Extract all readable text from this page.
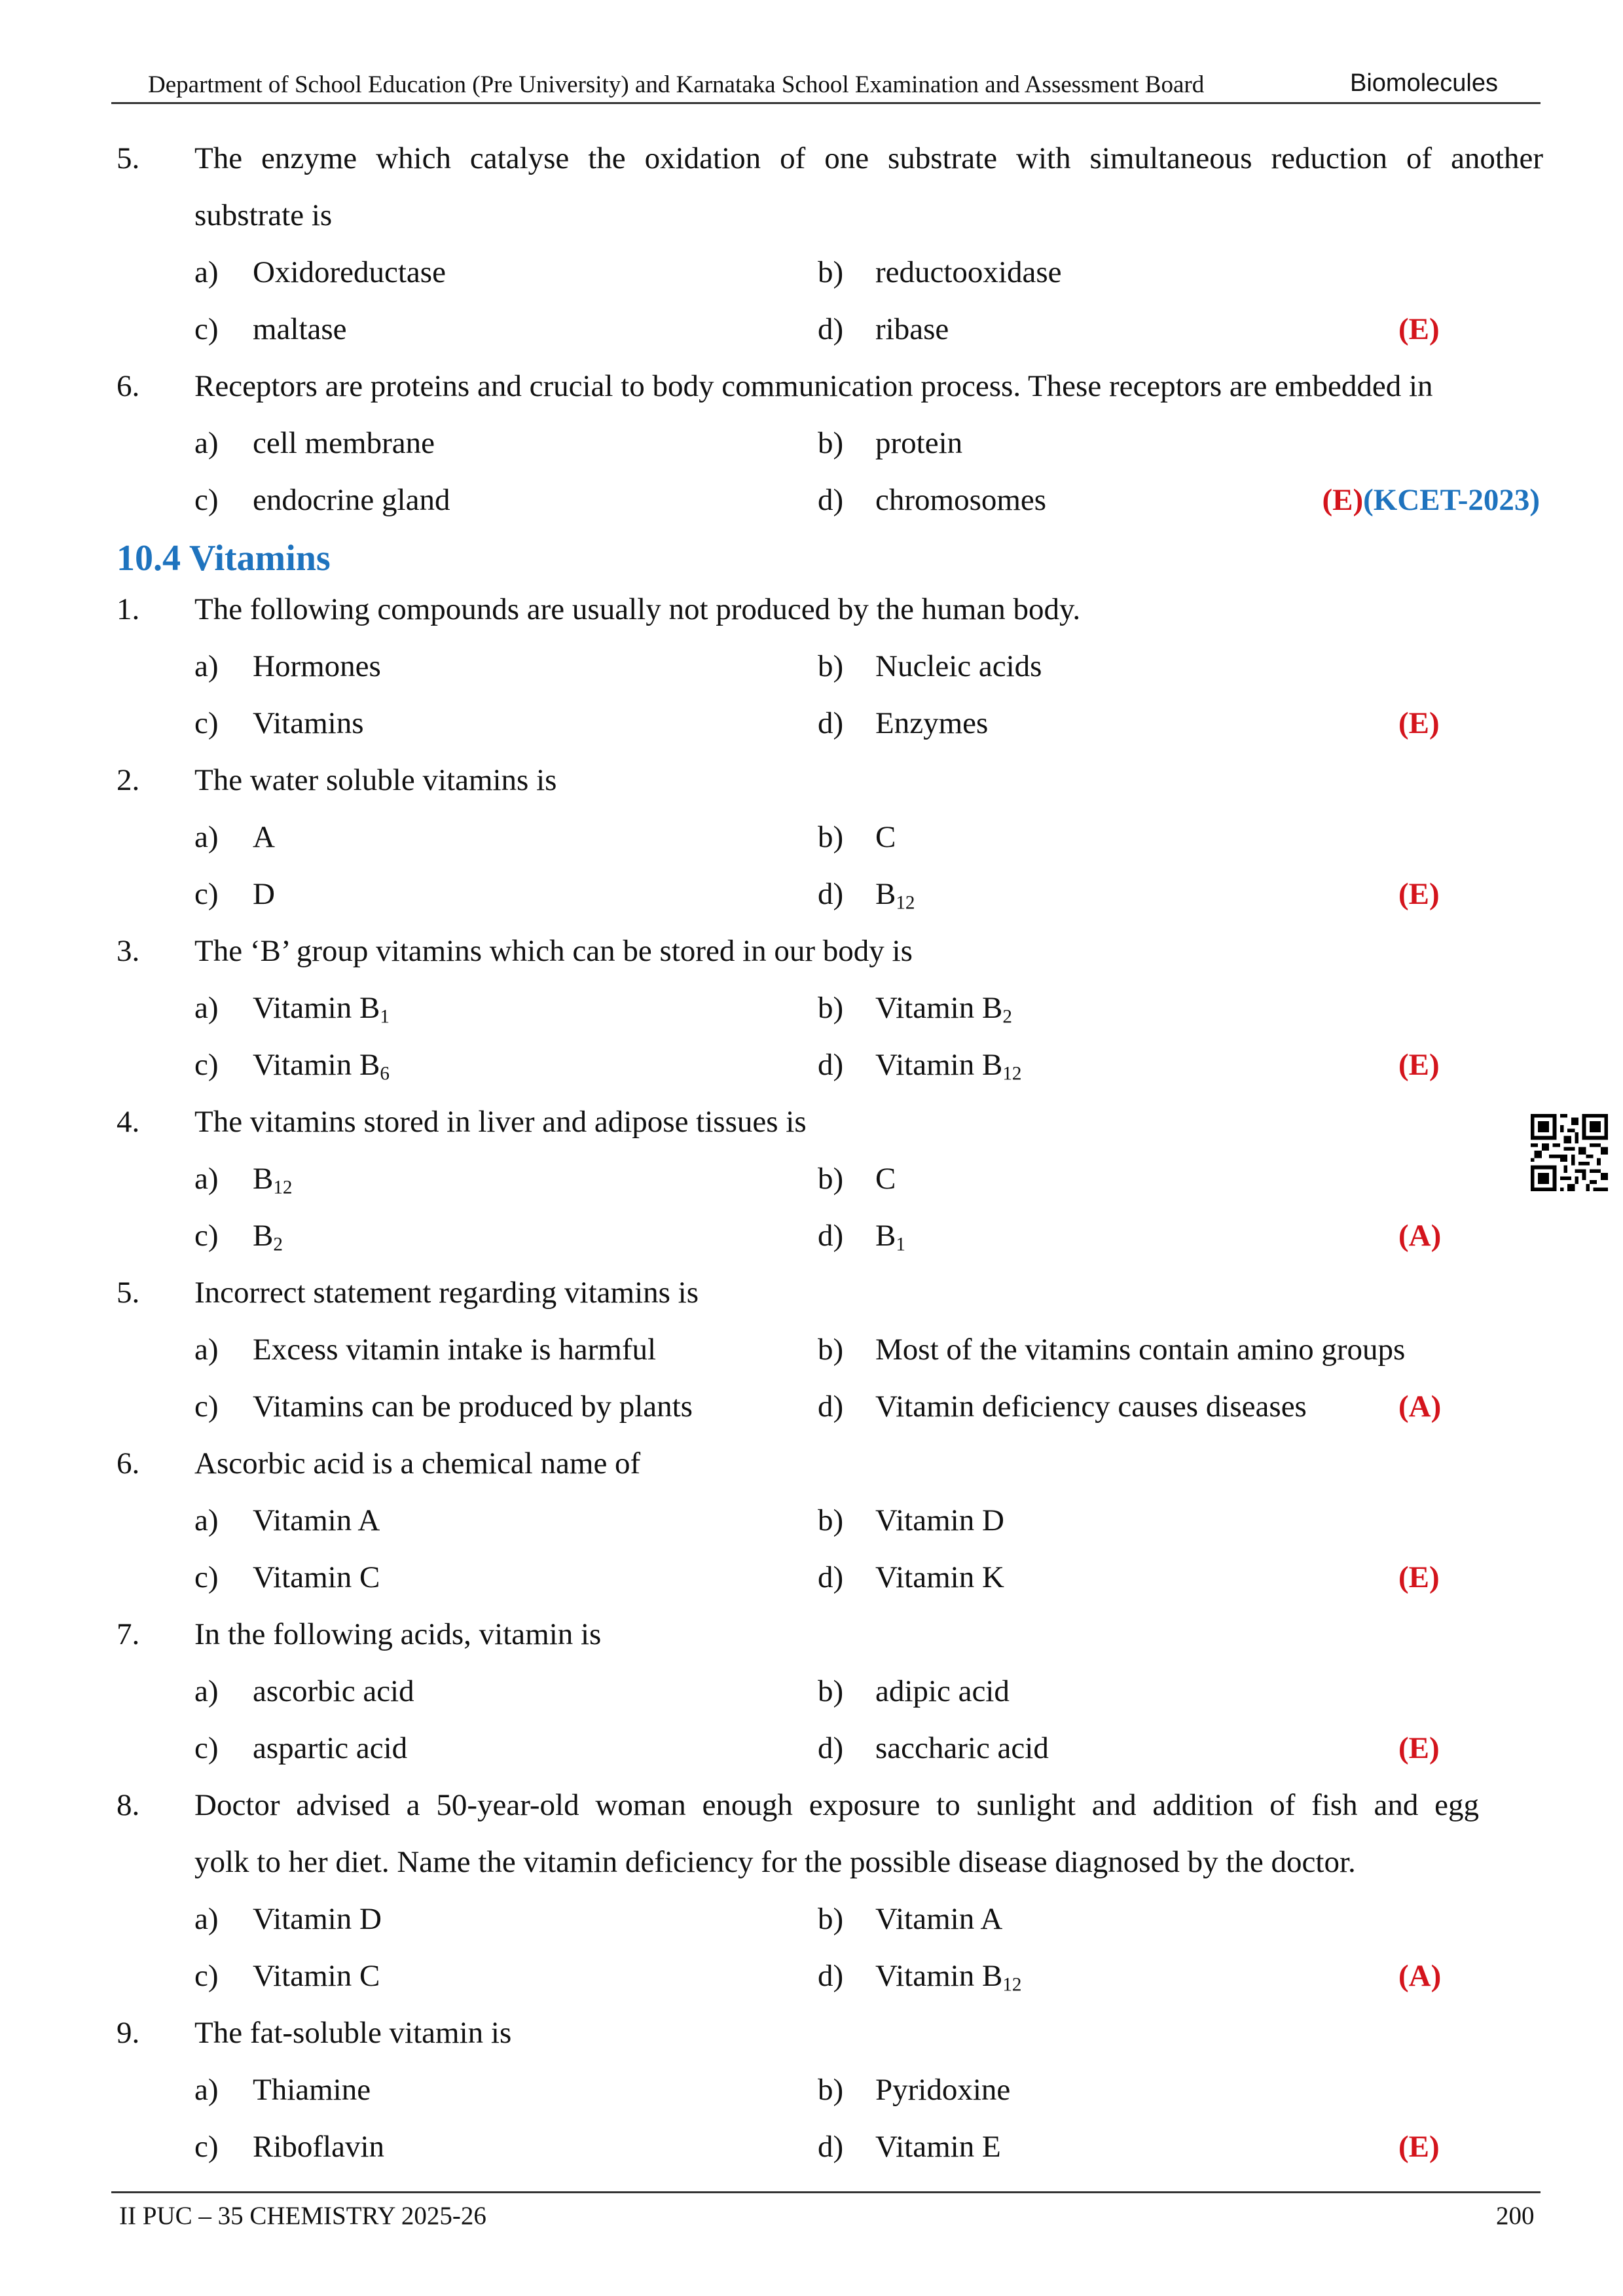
Department of School Education (Pre University) and Karnataka School Examination and Assessment Board	Biomolecules
5. The enzyme which catalyse the oxidation of one substrate with simultaneous reduction of another
substrate is
a) Oxidoreductase	b) reductooxidase
c) maltase	d) ribase	(E)
6. Receptors are proteins and crucial to body communication process. These receptors are embedded in
a) cell membrane	b) protein
c) endocrine gland	d) chromosomes	(E)(KCET-2023)
10.4 Vitamins
1. The following compounds are usually not produced by the human body.
a) Hormones	b) Nucleic acids
c) Vitamins	d) Enzymes	(E)
2. The water soluble vitamins is
a) A	b) C
c) D	d) $B_{12}$	(E)
3. The ‘B’ group vitamins which can be stored in our body is
a) Vitamin $B_1$	b) Vitamin $B_2$
c) Vitamin $B_6$	d) Vitamin $B_{12}$	(E)
4. The vitamins stored in liver and adipose tissues is
a) $B_{12}$	b) C
c) $B_2$	d) $B_1$	(A)
5. Incorrect statement regarding vitamins is
a) Excess vitamin intake is harmful	b) Most of the vitamins contain amino groups
c) Vitamins can be produced by plants	d) Vitamin deficiency causes diseases	(A)
6. Ascorbic acid is a chemical name of
a) Vitamin A	b) Vitamin D
c) Vitamin C	d) Vitamin K	(E)
7. In the following acids, vitamin is
a) ascorbic acid	b) adipic acid
c) aspartic acid	d) saccharic acid	(E)
8. Doctor advised a 50-year-old woman enough exposure to sunlight and addition of fish and egg
yolk to her diet. Name the vitamin deficiency for the possible disease diagnosed by the doctor.
a) Vitamin D	b) Vitamin A
c) Vitamin C	d) Vitamin $B_{12}$	(A)
9. The fat-soluble vitamin is
a) Thiamine	b) Pyridoxine
c) Riboflavin	d) Vitamin E	(E)
II PUC – 35 CHEMISTRY 2025-26	200
